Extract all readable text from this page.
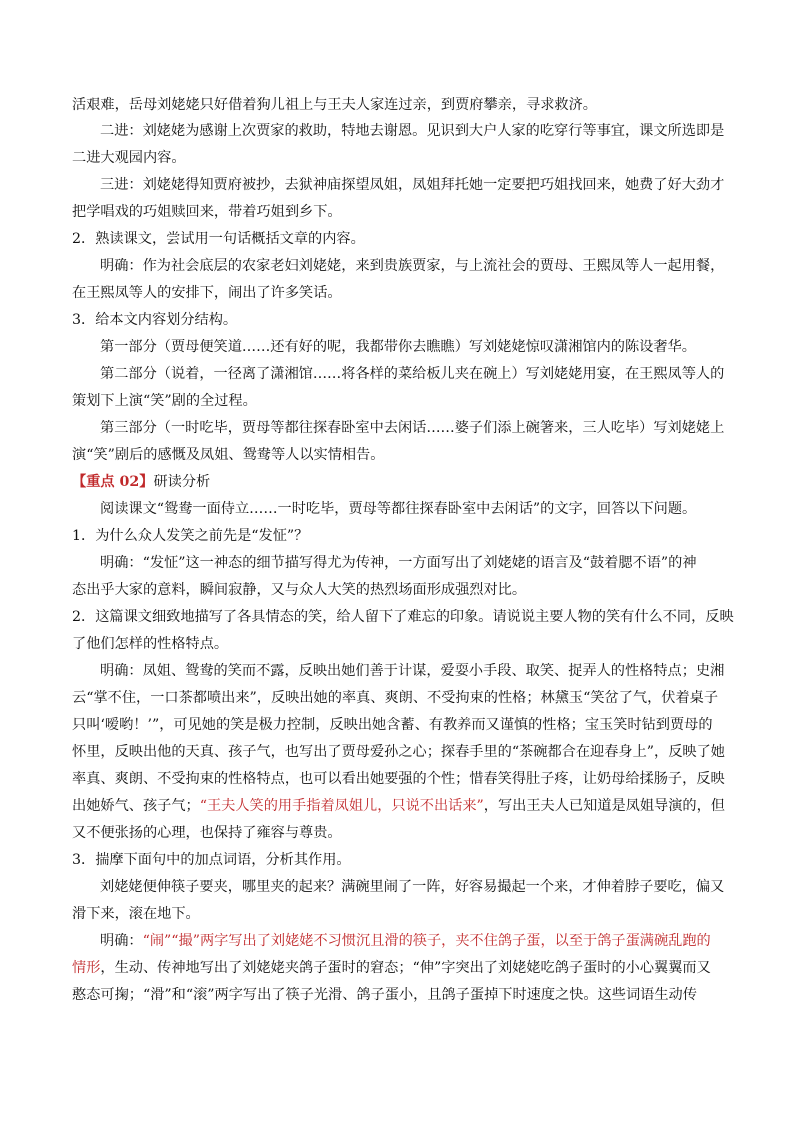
活艰难，岳母刘姥姥只好借着狗儿祖上与王夫人家连过亲，到贾府攀亲，寻求救济。
二进：刘姥姥为感谢上次贾家的救助，特地去谢恩。见识到大户人家的吃穿行等事宜，课文所选即是
二进大观园内容。
三进：刘姥姥得知贾府被抄，去狱神庙探望凤姐，凤姐拜托她一定要把巧姐找回来，她费了好大劲才
把学唱戏的巧姐赎回来，带着巧姐到乡下。
2．熟读课文，尝试用一句话概括文章的内容。
明确：作为社会底层的农家老妇刘姥姥，来到贵族贾家，与上流社会的贾母、王熙凤等人一起用餐，
在王熙凤等人的安排下，闹出了许多笑话。
3．给本文内容划分结构。
第一部分（贾母便笑道……还有好的呢，我都带你去瞧瞧）写刘姥姥惊叹潇湘馆内的陈设奢华。
第二部分（说着，一径离了潇湘馆……将各样的菜给板儿夹在碗上）写刘姥姥用宴，在王熙凤等人的
策划下上演“笑”剧的全过程。
第三部分（一时吃毕，贾母等都往探春卧室中去闲话……婆子们添上碗箸来，三人吃毕）写刘姥姥上
演“笑”剧后的感慨及凤姐、鸳鸯等人以实情相告。
【重点 02】研读分析
阅读课文“鸳鸯一面侍立……一时吃毕，贾母等都往探春卧室中去闲话”的文字，回答以下问题。
1．为什么众人发笑之前先是“发怔”？
明确：“发怔”这一神态的细节描写得尤为传神，一方面写出了刘姥姥的语言及“鼓着腮不语”的神
态出乎大家的意料，瞬间寂静，又与众人大笑的热烈场面形成强烈对比。
2．这篇课文细致地描写了各具情态的笑，给人留下了难忘的印象。请说说主要人物的笑有什么不同，反映
了他们怎样的性格特点。
明确：凤姐、鸳鸯的笑而不露，反映出她们善于计谋，爱耍小手段、取笑、捉弄人的性格特点；史湘
云“掌不住，一口茶都喷出来”，反映出她的率真、爽朗、不受拘束的性格；林黛玉“笑岔了气，伏着桌子
只叫‘嗳哟！’”，可见她的笑是极力控制，反映出她含蓄、有教养而又谨慎的性格；宝玉笑时钻到贾母的
怀里，反映出他的天真、孩子气，也写出了贾母爱孙之心；探春手里的“茶碗都合在迎春身上”，反映了她
率真、爽朗、不受拘束的性格特点，也可以看出她要强的个性；惜春笑得肚子疼，让奶母给揉肠子，反映
出她娇气、孩子气；“王夫人笑的用手指着凤姐儿，只说不出话来”，写出王夫人已知道是凤姐导演的，但
又不便张扬的心理，也保持了雍容与尊贵。
3．揣摩下面句中的加点词语，分析其作用。
刘姥姥便伸筷子要夹，哪里夹的起来？满碗里闹了一阵，好容易撮起一个来，才伸着脖子要吃，偏又
滑下来，滚在地下。
明确：“闹”“撮”两字写出了刘姥姥不习惯沉且滑的筷子，夹不住鸽子蛋，以至于鸽子蛋满碗乱跑的
情形，生动、传神地写出了刘姥姥夹鸽子蛋时的窘态；“伸”字突出了刘姥姥吃鸽子蛋时的小心翼翼而又
憨态可掬；“滑”和“滚”两字写出了筷子光滑、鸽子蛋小，且鸽子蛋掉下时速度之快。这些词语生动传
